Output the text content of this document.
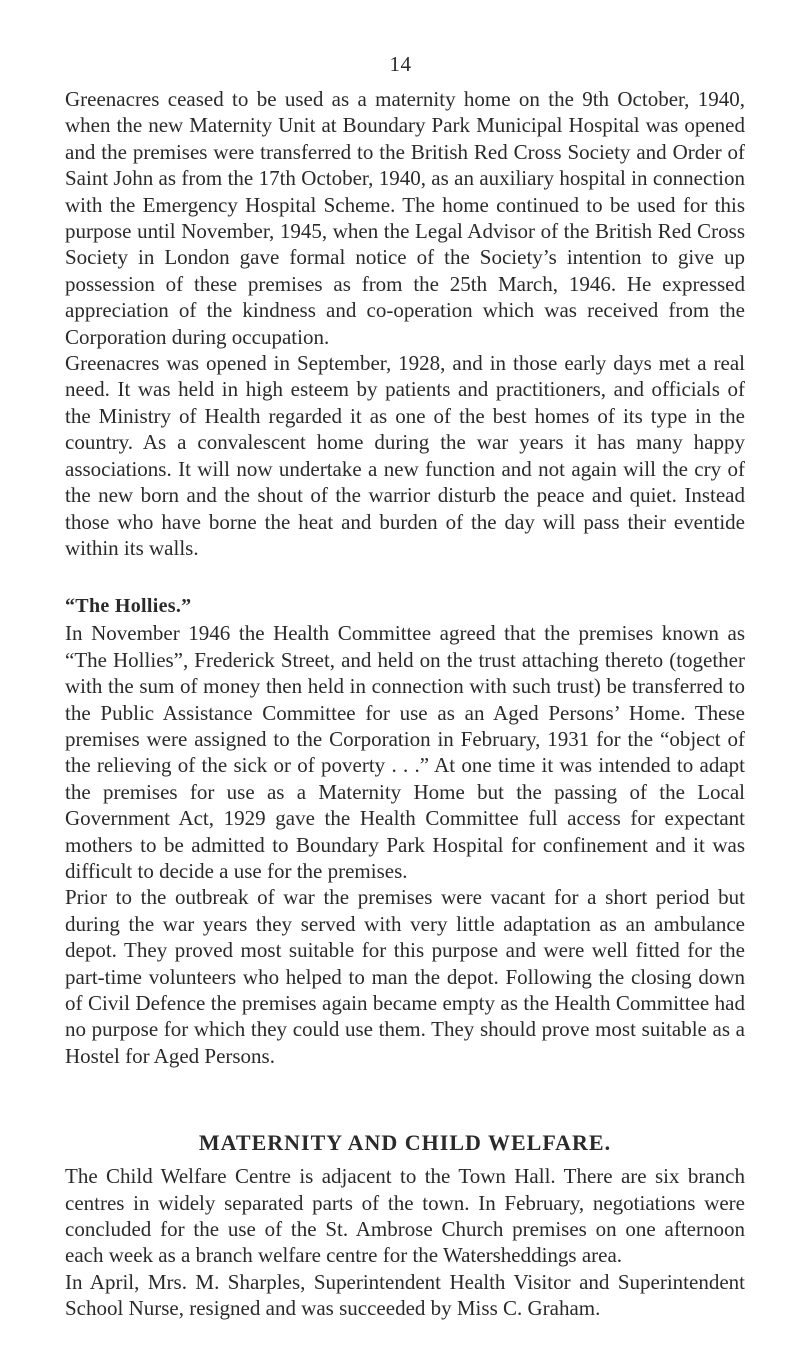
14

Greenacres ceased to be used as a maternity home on the 9th October, 1940, when the new Maternity Unit at Boundary Park Municipal Hospital was opened and the premises were transferred to the British Red Cross Society and Order of Saint John as from the 17th October, 1940, as an auxiliary hospital in connection with the Emergency Hospital Scheme. The home continued to be used for this purpose until November, 1945, when the Legal Advisor of the British Red Cross Society in London gave formal notice of the Society’s intention to give up possession of these premises as from the 25th March, 1946. He expressed appreciation of the kindness and co-operation which was received from the Corporation during occupation.

Greenacres was opened in September, 1928, and in those early days met a real need. It was held in high esteem by patients and practitioners, and officials of the Ministry of Health regarded it as one of the best homes of its type in the country. As a convalescent home during the war years it has many happy associations. It will now undertake a new function and not again will the cry of the new born and the shout of the warrior disturb the peace and quiet. Instead those who have borne the heat and burden of the day will pass their eventide within its walls.

“The Hollies.”

In November 1946 the Health Committee agreed that the premises known as “The Hollies”, Frederick Street, and held on the trust attaching thereto (together with the sum of money then held in connection with such trust) be transferred to the Public Assistance Committee for use as an Aged Persons’ Home. These premises were assigned to the Corporation in February, 1931 for the “object of the relieving of the sick or of poverty . . .” At one time it was intended to adapt the premises for use as a Maternity Home but the passing of the Local Government Act, 1929 gave the Health Committee full access for expectant mothers to be admitted to Boundary Park Hospital for confinement and it was difficult to decide a use for the premises.

Prior to the outbreak of war the premises were vacant for a short period but during the war years they served with very little adaptation as an ambulance depot. They proved most suitable for this purpose and were well fitted for the part-time volunteers who helped to man the depot. Following the closing down of Civil Defence the premises again became empty as the Health Committee had no purpose for which they could use them. They should prove most suitable as a Hostel for Aged Persons.

MATERNITY AND CHILD WELFARE.

The Child Welfare Centre is adjacent to the Town Hall. There are six branch centres in widely separated parts of the town. In February, negotiations were concluded for the use of the St. Ambrose Church premises on one afternoon each week as a branch welfare centre for the Watersheddings area.

In April, Mrs. M. Sharples, Superintendent Health Visitor and Superintendent School Nurse, resigned and was succeeded by Miss C. Graham.
